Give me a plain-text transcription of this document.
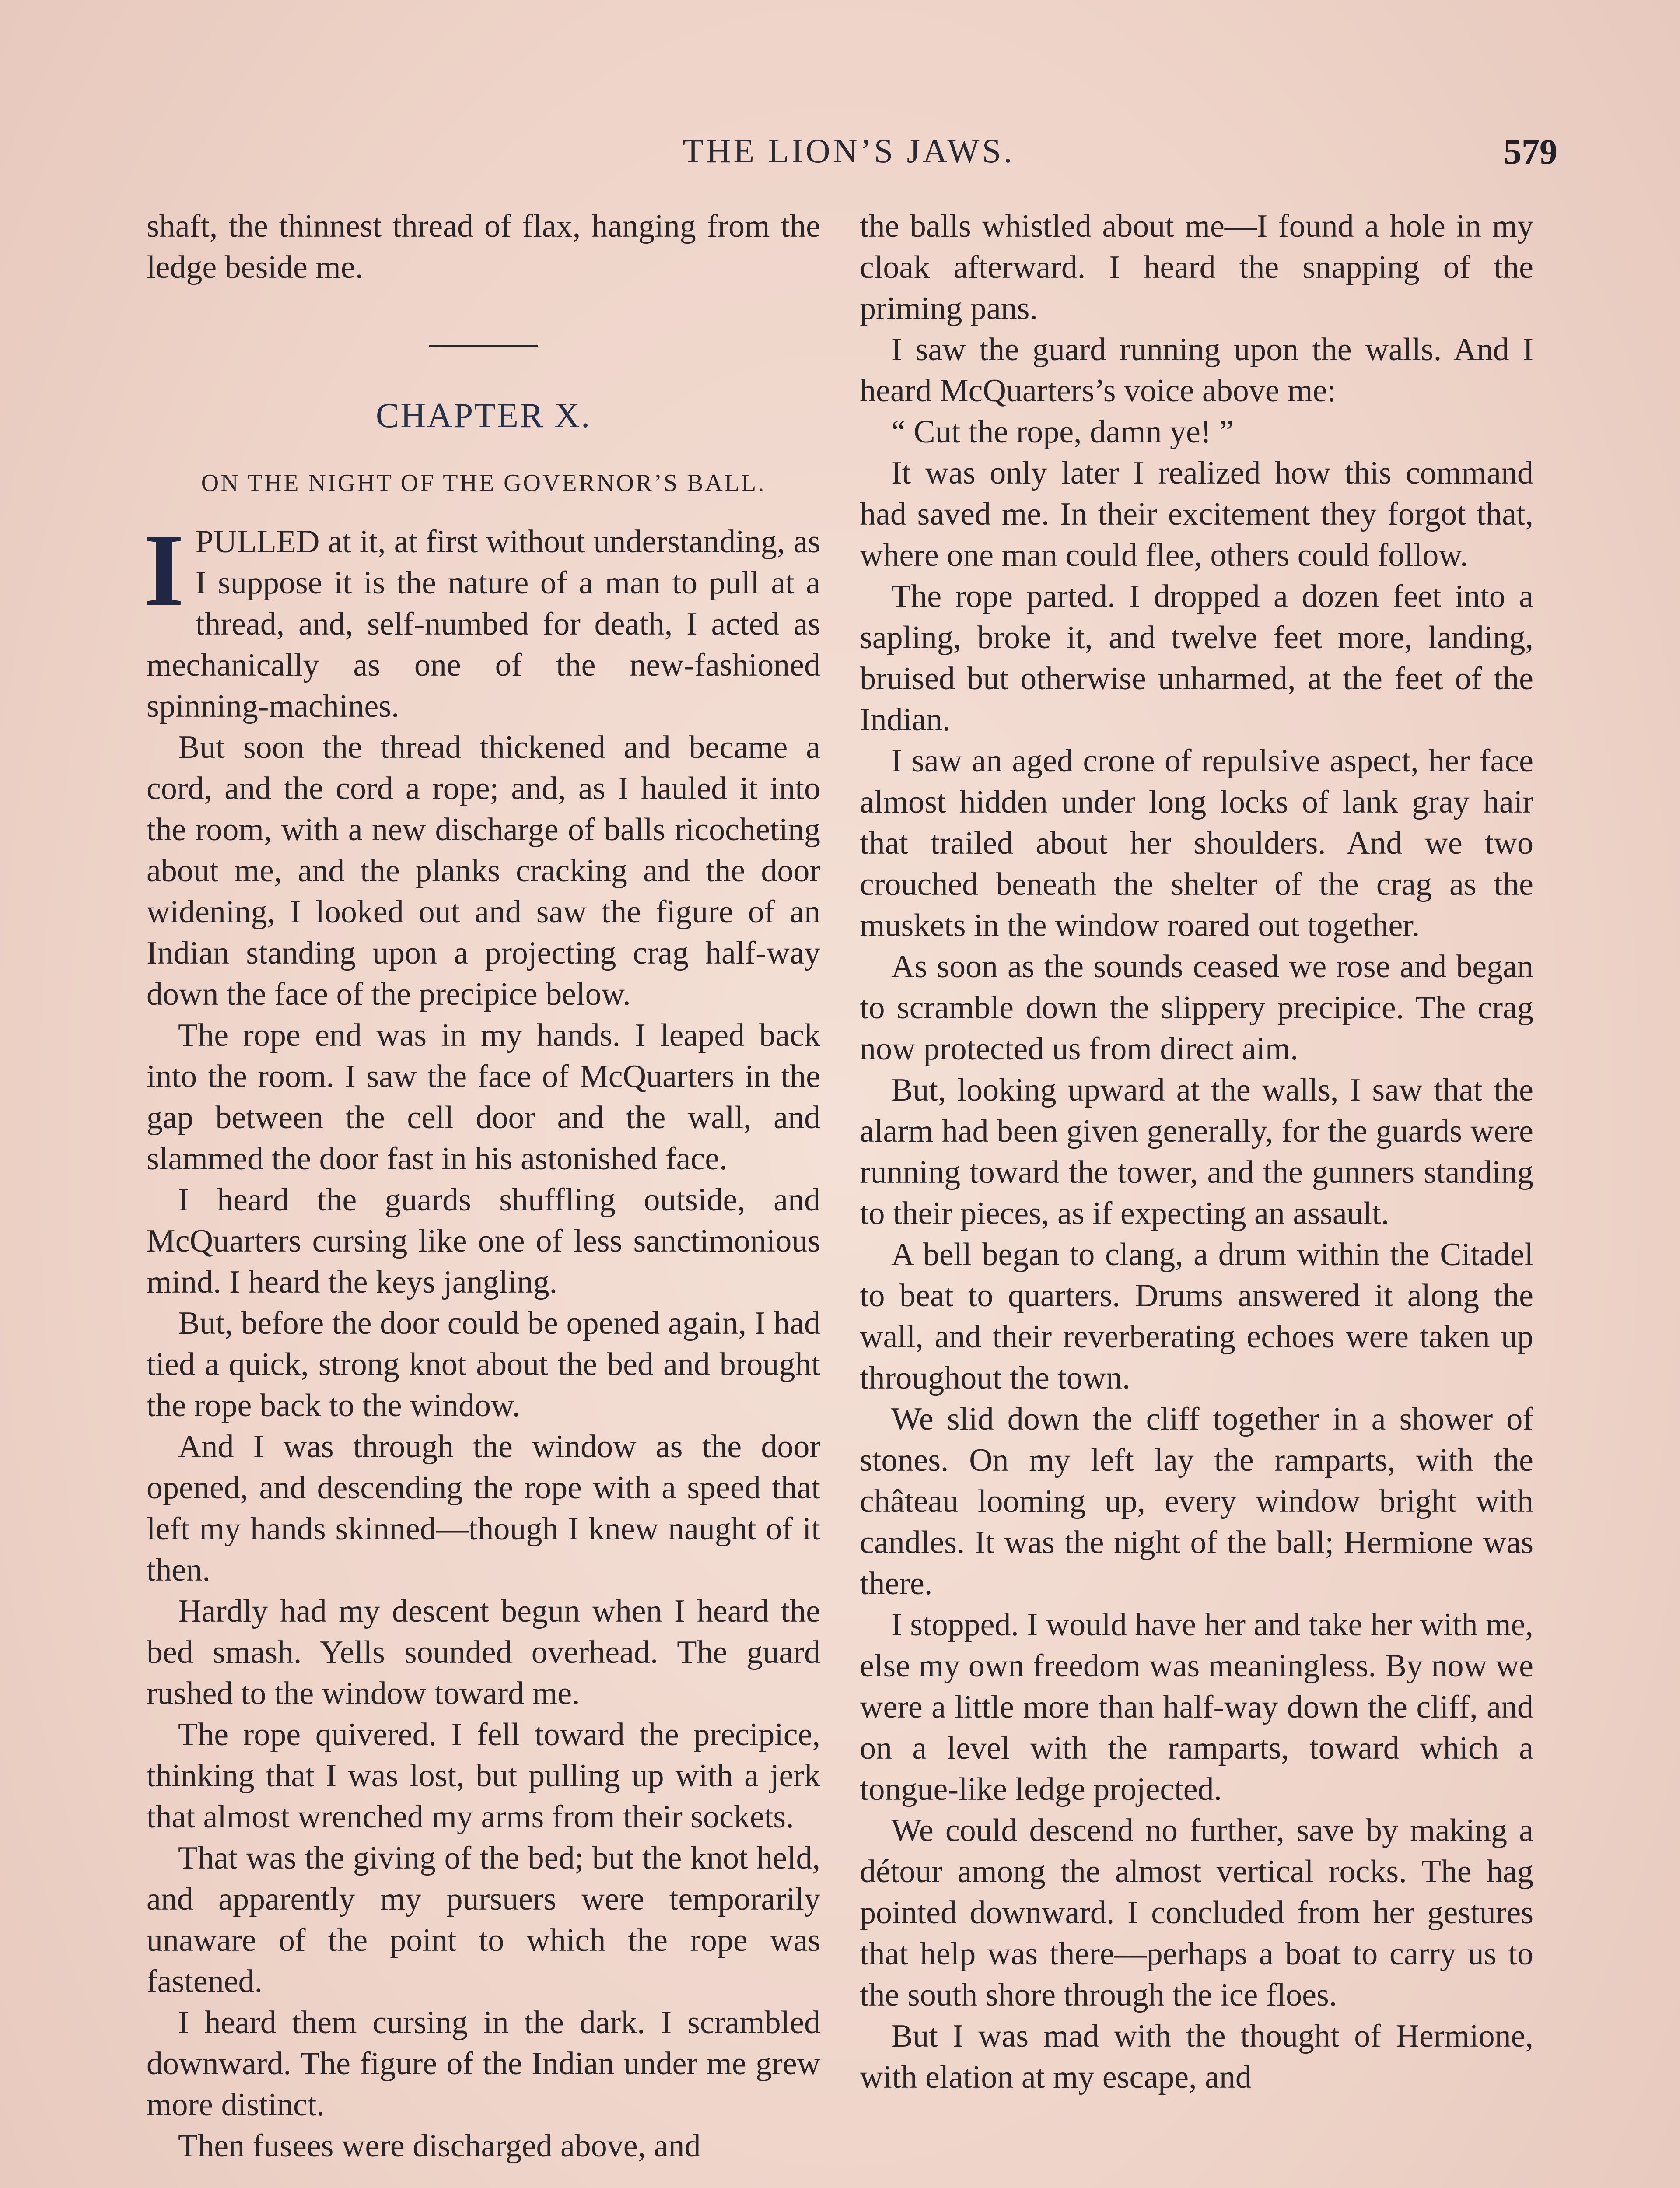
THE LION’S JAWS.	579

shaft, the thinnest thread of flax, hanging from the ledge beside me.

CHAPTER X.
ON THE NIGHT OF THE GOVERNOR’S BALL.

I PULLED at it, at first without understanding, as I suppose it is the nature of a man to pull at a thread, and, self-numbed for death, I acted as mechanically as one of the new-fashioned spinning-machines.

But soon the thread thickened and became a cord, and the cord a rope; and, as I hauled it into the room, with a new discharge of balls ricocheting about me, and the planks cracking and the door widening, I looked out and saw the figure of an Indian standing upon a projecting crag half-way down the face of the precipice below.

The rope end was in my hands. I leaped back into the room. I saw the face of McQuarters in the gap between the cell door and the wall, and slammed the door fast in his astonished face.

I heard the guards shuffling outside, and McQuarters cursing like one of less sanctimonious mind. I heard the keys jangling.

But, before the door could be opened again, I had tied a quick, strong knot about the bed and brought the rope back to the window.

And I was through the window as the door opened, and descending the rope with a speed that left my hands skinned—though I knew naught of it then.

Hardly had my descent begun when I heard the bed smash. Yells sounded overhead. The guard rushed to the window toward me.

The rope quivered. I fell toward the precipice, thinking that I was lost, but pulling up with a jerk that almost wrenched my arms from their sockets.

That was the giving of the bed; but the knot held, and apparently my pursuers were temporarily unaware of the point to which the rope was fastened.

I heard them cursing in the dark. I scrambled downward. The figure of the Indian under me grew more distinct.

Then fusees were discharged above, and

the balls whistled about me—I found a hole in my cloak afterward. I heard the snapping of the priming pans.

I saw the guard running upon the walls. And I heard McQuarters’s voice above me:

“ Cut the rope, damn ye! ”

It was only later I realized how this command had saved me. In their excitement they forgot that, where one man could flee, others could follow.

The rope parted. I dropped a dozen feet into a sapling, broke it, and twelve feet more, landing, bruised but otherwise unharmed, at the feet of the Indian.

I saw an aged crone of repulsive aspect, her face almost hidden under long locks of lank gray hair that trailed about her shoulders. And we two crouched beneath the shelter of the crag as the muskets in the window roared out together.

As soon as the sounds ceased we rose and began to scramble down the slippery precipice. The crag now protected us from direct aim.

But, looking upward at the walls, I saw that the alarm had been given generally, for the guards were running toward the tower, and the gunners standing to their pieces, as if expecting an assault.

A bell began to clang, a drum within the Citadel to beat to quarters. Drums answered it along the wall, and their reverberating echoes were taken up throughout the town.

We slid down the cliff together in a shower of stones. On my left lay the ramparts, with the château looming up, every window bright with candles. It was the night of the ball; Hermione was there.

I stopped. I would have her and take her with me, else my own freedom was meaningless. By now we were a little more than half-way down the cliff, and on a level with the ramparts, toward which a tongue-like ledge projected.

We could descend no further, save by making a détour among the almost vertical rocks. The hag pointed downward. I concluded from her gestures that help was there—perhaps a boat to carry us to the south shore through the ice floes.

But I was mad with the thought of Hermione, with elation at my escape, and
